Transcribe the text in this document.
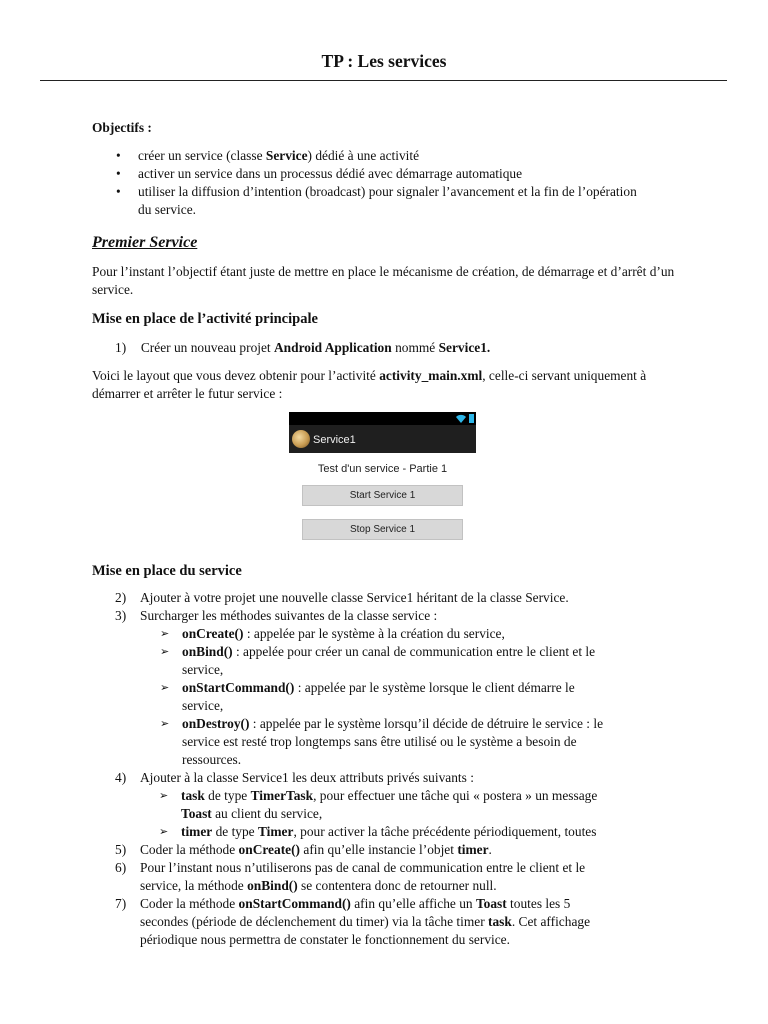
TP : Les services
Objectifs :
• créer un service (classe Service) dédié à une activité
• activer un service dans un processus dédié avec démarrage automatique
• utiliser la diffusion d’intention (broadcast) pour signaler l’avancement et la fin de l’opération du service.
Premier Service
Pour l’instant l’objectif étant juste de mettre en place le mécanisme de création, de démarrage et d’arrêt d’un service.
Mise en place de l’activité principale
1) Créer un nouveau projet Android Application nommé Service1.
Voici le layout que vous devez obtenir pour l’activité activity_main.xml, celle-ci servant uniquement à démarrer et arrêter le futur service :
Service1
Test d'un service - Partie 1
Start Service 1
Stop Service 1
Mise en place du service
2) Ajouter à votre projet une nouvelle classe Service1 héritant de la classe Service.
3) Surcharger les méthodes suivantes de la classe service :
➢ onCreate() : appelée par le système à la création du service,
➢ onBind() : appelée pour créer un canal de communication entre le client et le
service,
➢ onStartCommand() : appelée par le système lorsque le client démarre le
service,
➢ onDestroy() : appelée par le système lorsqu’il décide de détruire le service : le
service est resté trop longtemps sans être utilisé ou le système a besoin de
ressources.
4) Ajouter à la classe Service1 les deux attributs privés suivants :
➢ task de type TimerTask, pour effectuer une tâche qui « postera » un message
Toast au client du service,
➢ timer de type Timer, pour activer la tâche précédente périodiquement, toutes
5) Coder la méthode onCreate() afin qu’elle instancie l’objet timer.
6) Pour l’instant nous n’utiliserons pas de canal de communication entre le client et le
service, la méthode onBind() se contentera donc de retourner null.
7) Coder la méthode onStartCommand() afin qu’elle affiche un Toast toutes les 5
secondes (période de déclenchement du timer) via la tâche timer task. Cet affichage
périodique nous permettra de constater le fonctionnement du service.
